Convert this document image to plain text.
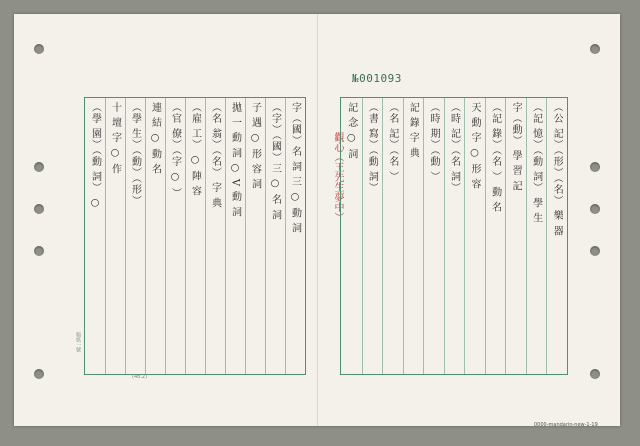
№001093
觀心（王先生夢中）
稿紙一號
(48.2)
（學 園）（動 詞） ○ 十 壇 字 ○ 作 （學 生）（動）（形） 連 結 ○ 動 名 （官 僚）（字 ○ ） （雇 工） ○ 陣 容 （名 翁）（名） 字 典 拋 一 動 詞 ○ V 動 詞 子 遇 ○ 形 容 詞 （字）（國）三 ○ 名 詞 字（國）名 詞 三 ○ 動 詞	記 念 ○ 詞 （書 寫）（動 詞） （名 記）（名 ） 記 錄 字 典 （時 期）（動 ） （時 記）（名 詞） 天 動 字 ○ 形 容 （記 錄）（名 ） 動 名 字（動） 學 習 記 （記 憶）（動 詞） 學 生 （公 記）（形）（名） 樂 器
0000-mandarin-new-1-19
